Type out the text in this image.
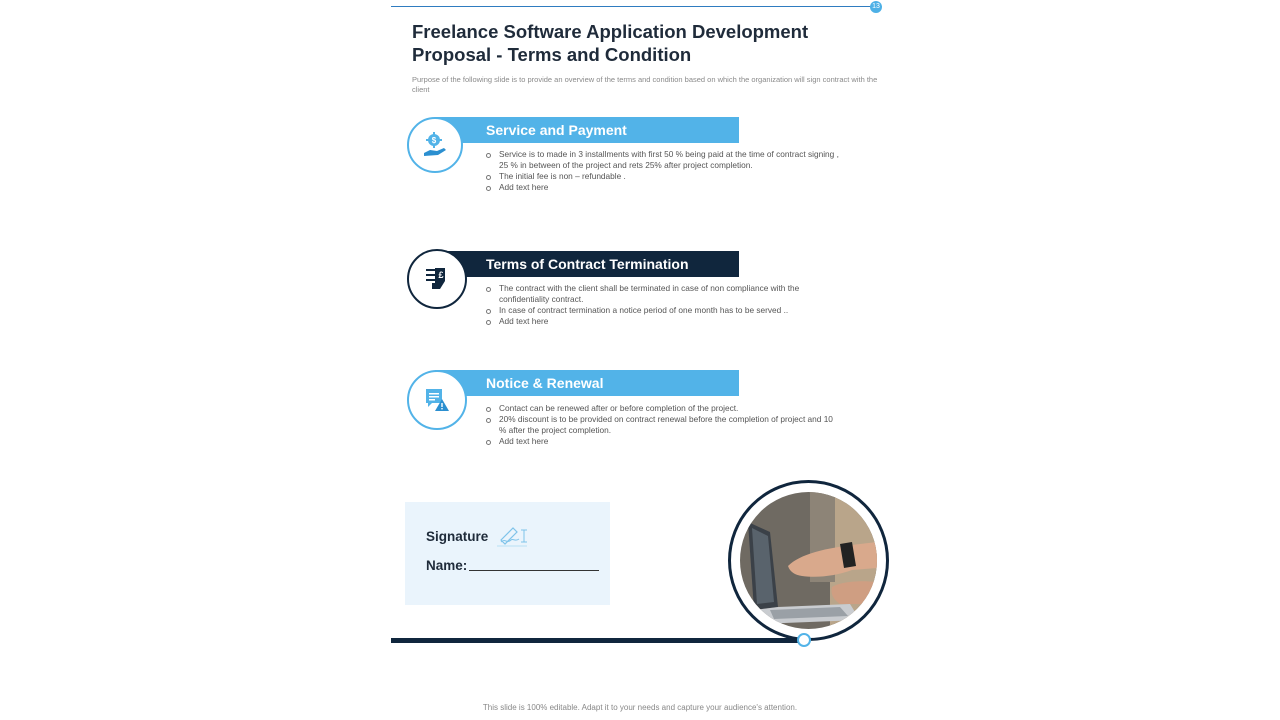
13
Freelance Software Application Development Proposal - Terms and Condition
Purpose of the following slide is to provide an overview of the terms and condition based on which the organization will sign contract with the client
$
Service and Payment
Service is to made in 3 installments with first 50 % being paid at the time of contract signing , 25 % in between of the project and rets 25% after project completion.
The initial fee is non – refundable .
Add text here
£
Terms of Contract Termination
The contract with the client shall be terminated in case of non compliance with the confidentiality contract.
In case of contract termination a notice period of one month has to be served ..
Add text here
Notice & Renewal
Contact can be renewed after or before completion of the project.
20% discount is to be provided on contract renewal before the completion of project and 10 % after the project completion.
Add text here
Signature
Name:
This slide is 100% editable. Adapt it to your needs and capture your audience's attention.
